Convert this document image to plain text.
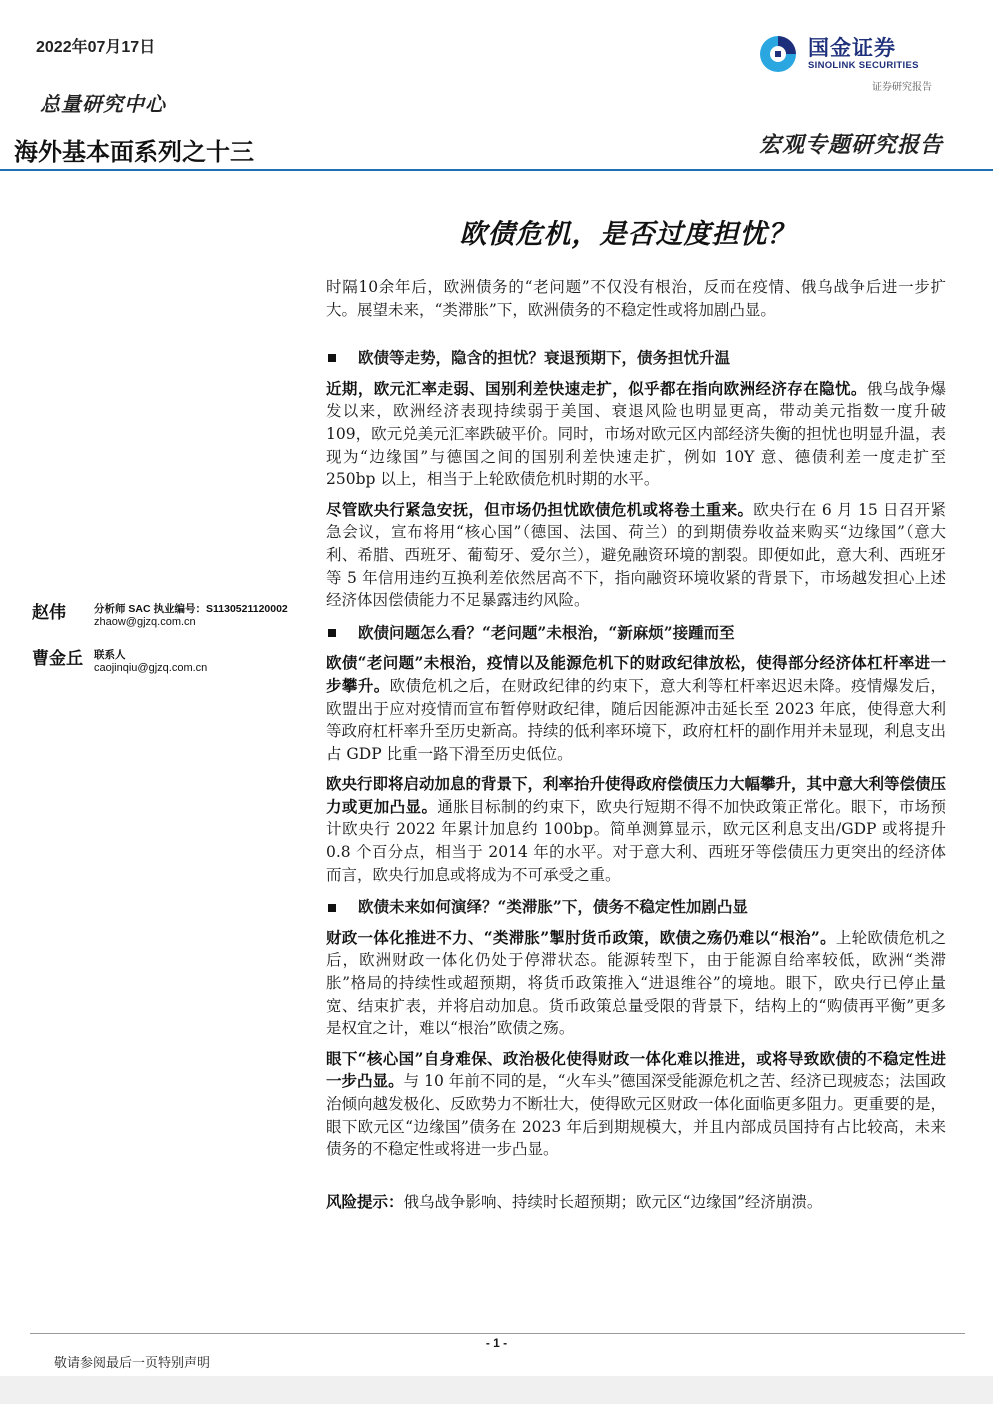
2022年07月17日
总量研究中心
海外基本面系列之十三	宏观专题研究报告
国金证券
SINOLINK SECURITIES
证券研究报告
欧债危机，是否过度担忧？

时隔10余年后，欧洲债务的“老问题”不仅没有根治，反而在疫情、俄乌战争后进一步扩大。展望未来，“类滞胀”下，欧洲债务的不稳定性或将加剧凸显。

欧债等走势，隐含的担忧？衰退预期下，债务担忧升温

近期，欧元汇率走弱、国别利差快速走扩，似乎都在指向欧洲经济存在隐忧。俄乌战争爆发以来，欧洲经济表现持续弱于美国、衰退风险也明显更高，带动美元指数一度升破 109，欧元兑美元汇率跌破平价。同时，市场对欧元区内部经济失衡的担忧也明显升温，表现为“边缘国”与德国之间的国别利差快速走扩，例如 10Y 意、德债利差一度走扩至 250bp 以上，相当于上轮欧债危机时期的水平。

尽管欧央行紧急安抚，但市场仍担忧欧债危机或将卷土重来。欧央行在 6 月 15 日召开紧急会议，宣布将用“核心国”（德国、法国、荷兰）的到期债券收益来购买“边缘国”（意大利、希腊、西班牙、葡萄牙、爱尔兰），避免融资环境的割裂。即便如此，意大利、西班牙等 5 年信用违约互换利差依然居高不下，指向融资环境收紧的背景下，市场越发担心上述经济体因偿债能力不足暴露违约风险。

欧债问题怎么看？“老问题”未根治，“新麻烦”接踵而至

欧债“老问题”未根治，疫情以及能源危机下的财政纪律放松，使得部分经济体杠杆率进一步攀升。欧债危机之后，在财政纪律的约束下，意大利等杠杆率迟迟未降。疫情爆发后，欧盟出于应对疫情而宣布暂停财政纪律，随后因能源冲击延长至 2023 年底，使得意大利等政府杠杆率升至历史新高。持续的低利率环境下，政府杠杆的副作用并未显现，利息支出占 GDP 比重一路下滑至历史低位。

欧央行即将启动加息的背景下，利率抬升使得政府偿债压力大幅攀升，其中意大利等偿债压力或更加凸显。通胀目标制的约束下，欧央行短期不得不加快政策正常化。眼下，市场预计欧央行 2022 年累计加息约 100bp。简单测算显示，欧元区利息支出/GDP 或将提升 0.8 个百分点，相当于 2014 年的水平。对于意大利、西班牙等偿债压力更突出的经济体而言，欧央行加息或将成为不可承受之重。

欧债未来如何演绎？“类滞胀”下，债务不稳定性加剧凸显

财政一体化推进不力、“类滞胀”掣肘货币政策，欧债之殇仍难以“根治”。上轮欧债危机之后，欧洲财政一体化仍处于停滞状态。能源转型下，由于能源自给率较低，欧洲“类滞胀”格局的持续性或超预期，将货币政策推入“进退维谷”的境地。眼下，欧央行已停止量宽、结束扩表，并将启动加息。货币政策总量受限的背景下，结构上的“购债再平衡”更多是权宜之计，难以“根治”欧债之殇。

眼下“核心国”自身难保、政治极化使得财政一体化难以推进，或将导致欧债的不稳定性进一步凸显。与 10 年前不同的是，“火车头”德国深受能源危机之苦、经济已现疲态；法国政治倾向越发极化、反欧势力不断壮大，使得欧元区财政一体化面临更多阻力。更重要的是，眼下欧元区“边缘国”债务在 2023 年后到期规模大，并且内部成员国持有占比较高，未来债务的不稳定性或将进一步凸显。

风险提示：俄乌战争影响、持续时长超预期；欧元区“边缘国”经济崩溃。

赵伟	分析师 SAC 执业编号：S1130521120002
zhaow@gjzq.com.cn
曹金丘 联系人
caojinqiu@gjzq.com.cn
- 1 -
敬请参阅最后一页特别声明
